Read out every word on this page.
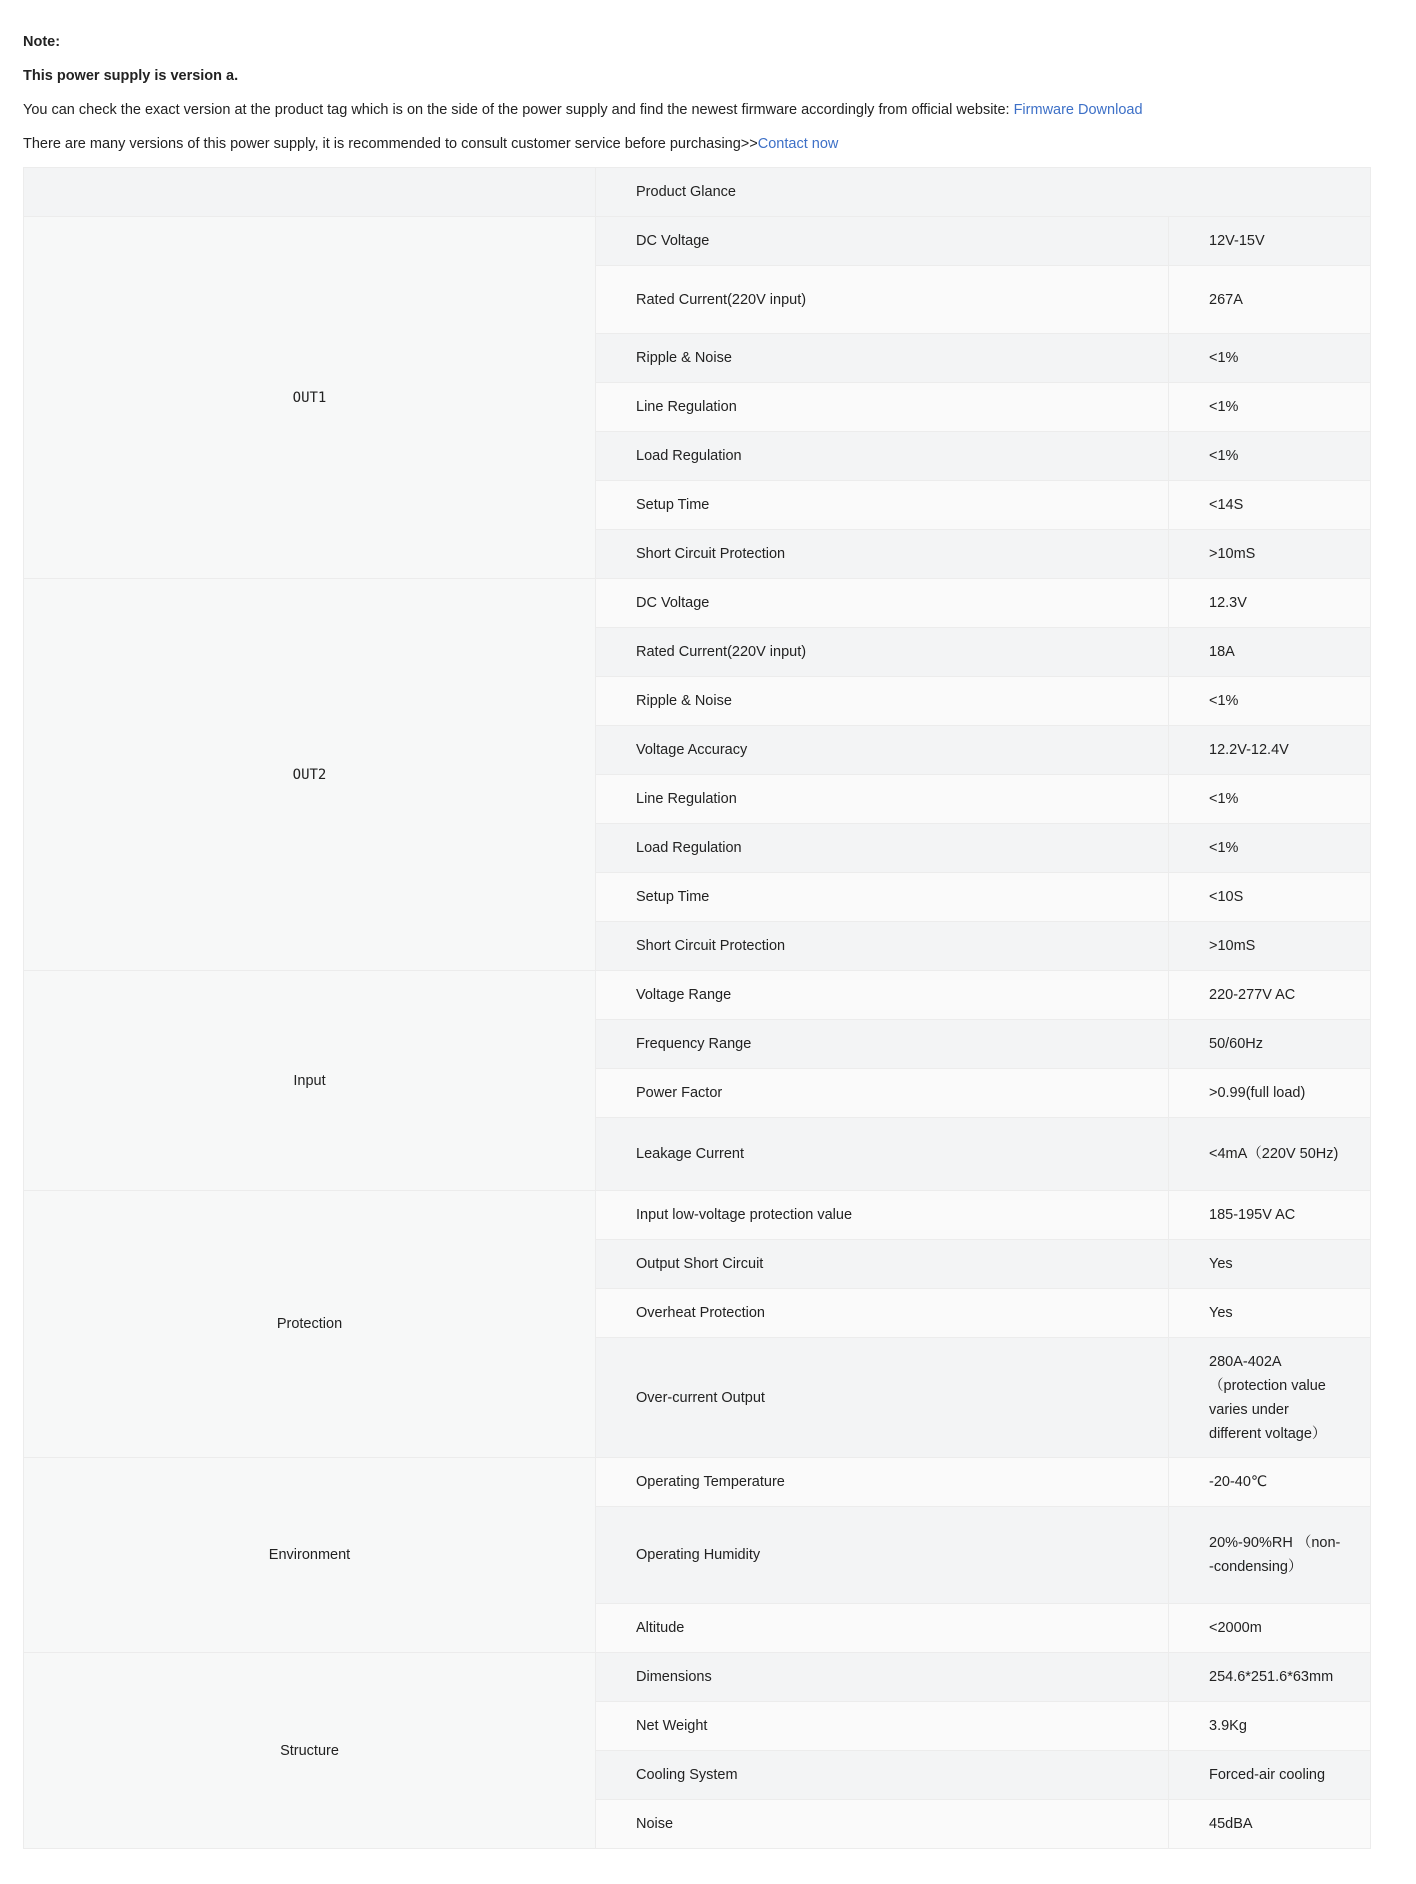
Note:
This power supply is version a.
You can check the exact version at the product tag which is on the side of the power supply and find the newest firmware accordingly from official website: Firmware Download
There are many versions of this power supply, it is recommended to consult customer service before purchasing>>Contact now
	Product Glance	
OUT1	DC Voltage	12V-15V
	Rated Current(220V input)	267A
	Ripple & Noise	<1%
	Line Regulation	<1%
	Load Regulation	<1%
	Setup Time	<14S
	Short Circuit Protection	>10mS
OUT2	DC Voltage	12.3V
	Rated Current(220V input)	18A
	Ripple & Noise	<1%
	Voltage Accuracy	12.2V-12.4V
	Line Regulation	<1%
	Load Regulation	<1%
	Setup Time	<10S
	Short Circuit Protection	>10mS
Input	Voltage Range	220-277V AC
	Frequency Range	50/60Hz
	Power Factor	>0.99(full load)
	Leakage Current	<4mA（220V 50Hz)
Protection	Input low-voltage protection value	185-195V AC
	Output Short Circuit	Yes
	Overheat Protection	Yes
	Over-current Output	280A-402A （protection value varies under different voltage）
Environment	Operating Temperature	-20-40℃
	Operating Humidity	20%-90%RH （non--condensing）
	Altitude	<2000m
Structure	Dimensions	254.6*251.6*63mm
	Net Weight	3.9Kg
	Cooling System	Forced-air cooling
	Noise	45dBA
